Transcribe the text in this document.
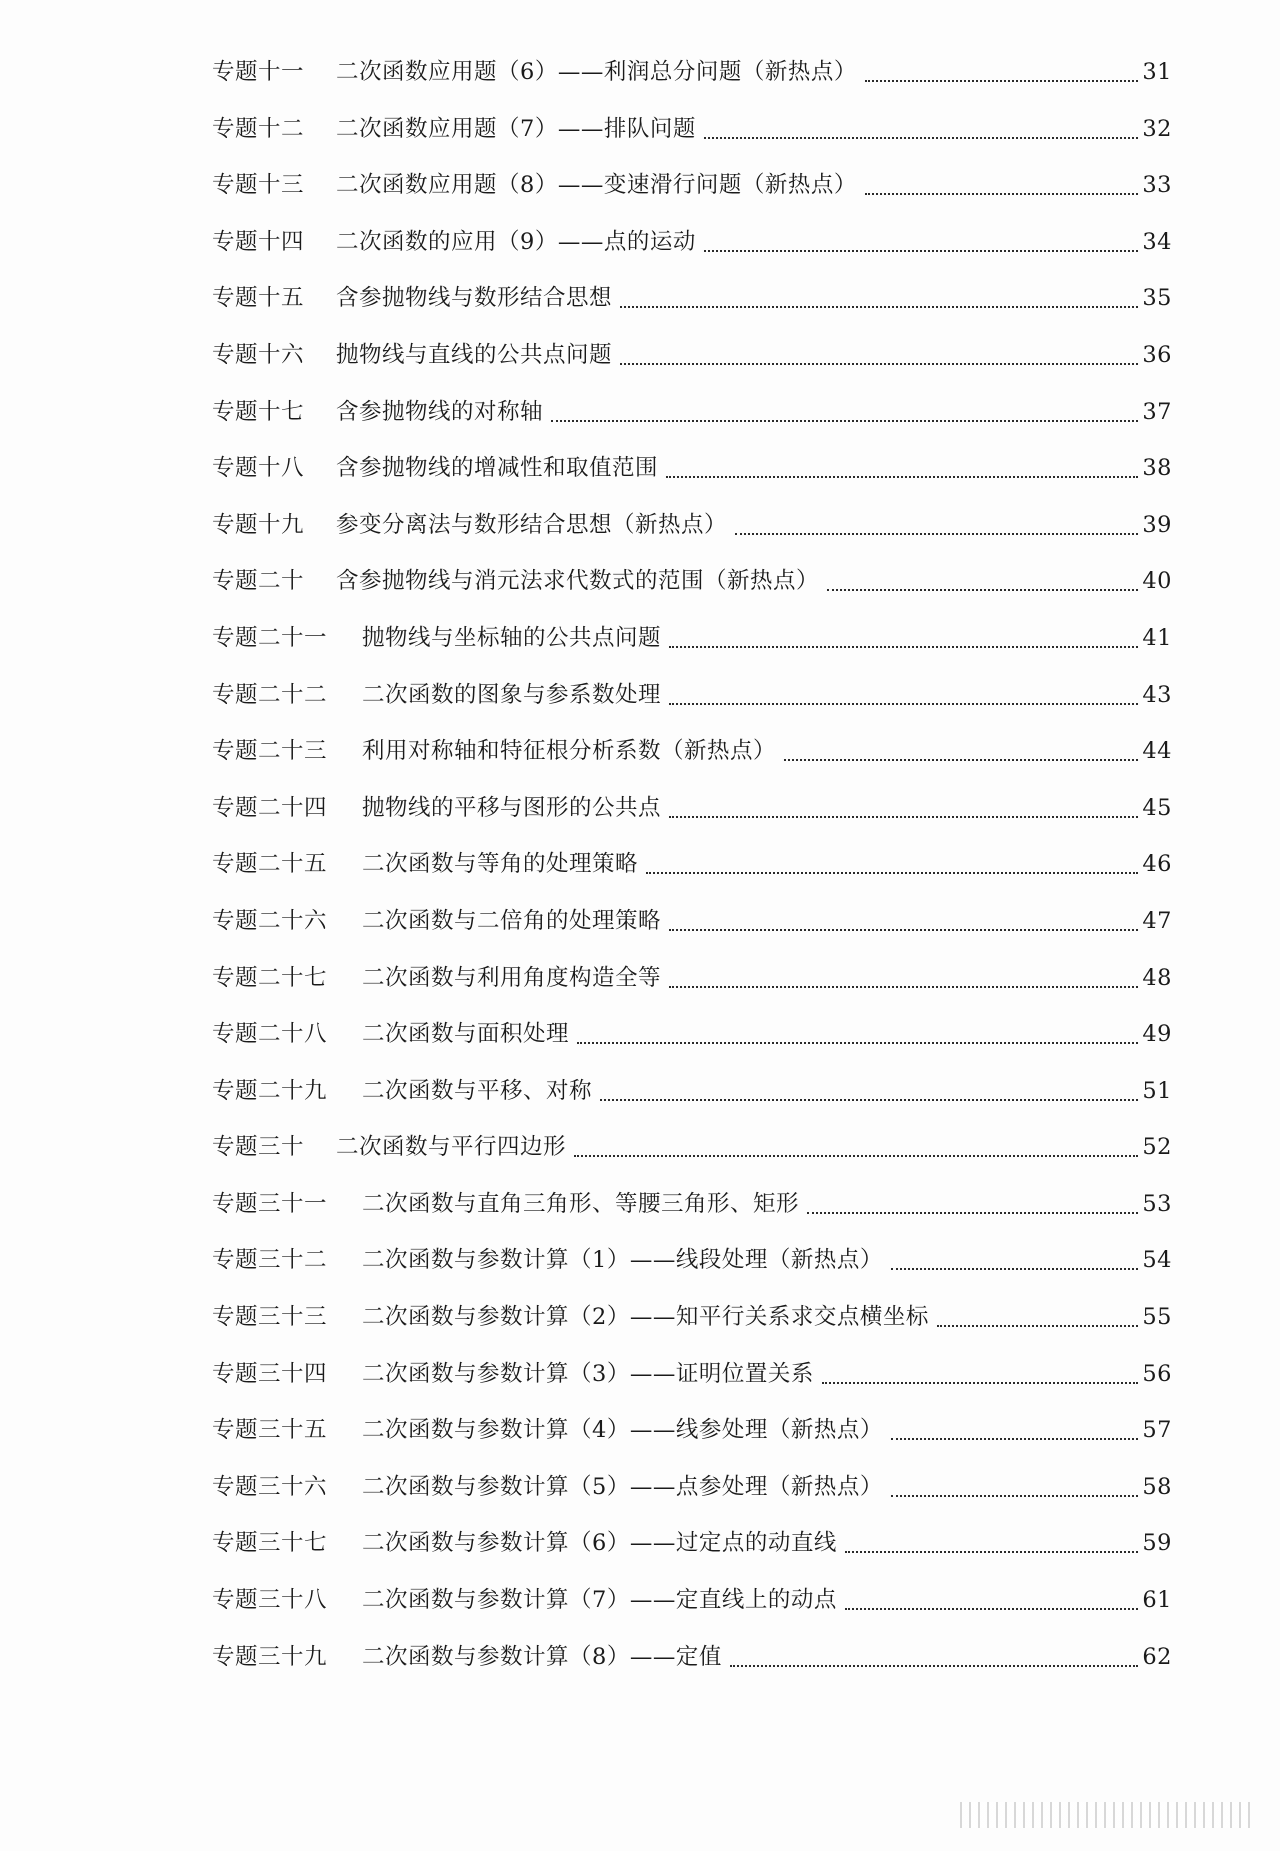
专题十一	二次函数应用题（6）——利润总分问题（新热点）	31
专题十二	二次函数应用题（7）——排队问题	32
专题十三	二次函数应用题（8）——变速滑行问题（新热点）	33
专题十四	二次函数的应用（9）——点的运动	34
专题十五	含参抛物线与数形结合思想	35
专题十六	抛物线与直线的公共点问题	36
专题十七	含参抛物线的对称轴	37
专题十八	含参抛物线的增减性和取值范围	38
专题十九	参变分离法与数形结合思想（新热点）	39
专题二十	含参抛物线与消元法求代数式的范围（新热点）	40
专题二十一	抛物线与坐标轴的公共点问题	41
专题二十二	二次函数的图象与参系数处理	43
专题二十三	利用对称轴和特征根分析系数（新热点）	44
专题二十四	抛物线的平移与图形的公共点	45
专题二十五	二次函数与等角的处理策略	46
专题二十六	二次函数与二倍角的处理策略	47
专题二十七	二次函数与利用角度构造全等	48
专题二十八	二次函数与面积处理	49
专题二十九	二次函数与平移、对称	51
专题三十	二次函数与平行四边形	52
专题三十一	二次函数与直角三角形、等腰三角形、矩形	53
专题三十二	二次函数与参数计算（1）——线段处理（新热点）	54
专题三十三	二次函数与参数计算（2）——知平行关系求交点横坐标	55
专题三十四	二次函数与参数计算（3）——证明位置关系	56
专题三十五	二次函数与参数计算（4）——线参处理（新热点）	57
专题三十六	二次函数与参数计算（5）——点参处理（新热点）	58
专题三十七	二次函数与参数计算（6）——过定点的动直线	59
专题三十八	二次函数与参数计算（7）——定直线上的动点	61
专题三十九	二次函数与参数计算（8）——定值	62
